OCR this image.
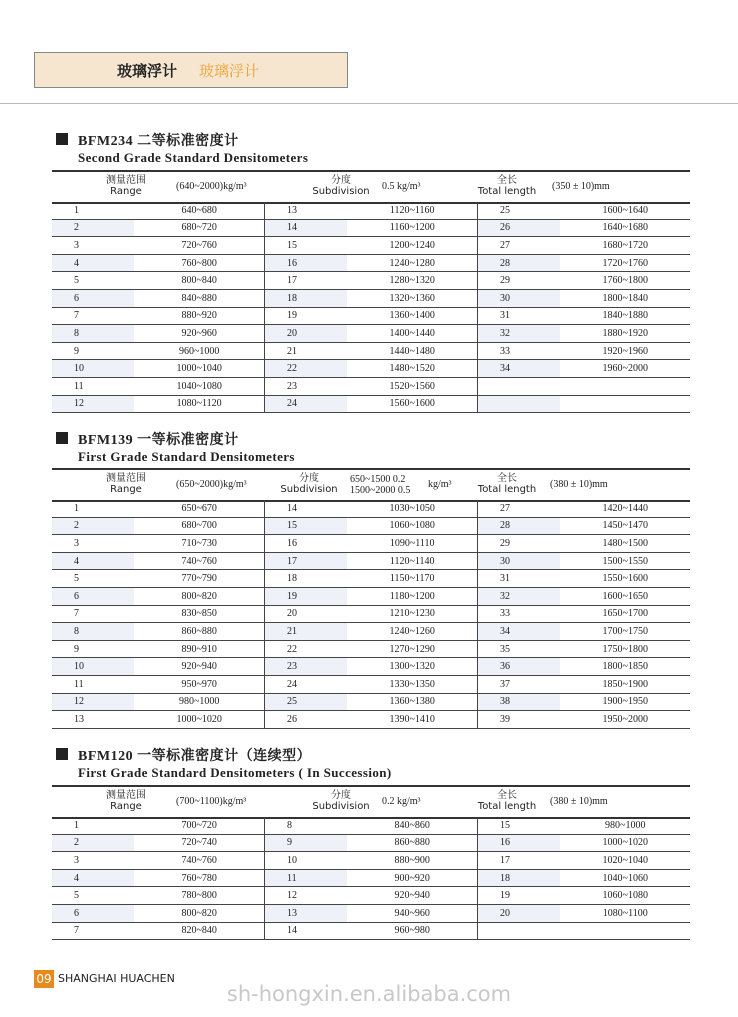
玻璃浮计 玻璃浮计
BFM234 二等标准密度计
Second Grade Standard Densitometers
测量范围
Range	(640~2000)kg/m³
分度
Subdivision	0.5 kg/m³
全长
Total length (350 ± 10)mm
1	640~680	13	1120~1160	25	1600~1640
2	680~720	14	1160~1200	26	1640~1680
3	720~760	15	1200~1240	27	1680~1720
4	760~800	16	1240~1280	28	1720~1760
5	800~840	17	1280~1320	29	1760~1800
6	840~880	18	1320~1360	30	1800~1840
7	880~920	19	1360~1400	31	1840~1880
8	920~960	20	1400~1440	32	1880~1920
9	960~1000	21	1440~1480	33	1920~1960
10	1000~1040	22	1480~1520	34	1960~2000
11	1040~1080	23	1520~1560		
12	1080~1120	24	1560~1600		
BFM139 一等标准密度计
First Grade Standard Densitometers
测量范围
Range	(650~2000)kg/m³
分度
Subdivision
650~1500 0.2
1500~2000 0.5
kg/m³
全长
Total length (380 ± 10)mm
1	650~670	14	1030~1050	27	1420~1440
2	680~700	15	1060~1080	28	1450~1470
3	710~730	16	1090~1110	29	1480~1500
4	740~760	17	1120~1140	30	1500~1550
5	770~790	18	1150~1170	31	1550~1600
6	800~820	19	1180~1200	32	1600~1650
7	830~850	20	1210~1230	33	1650~1700
8	860~880	21	1240~1260	34	1700~1750
9	890~910	22	1270~1290	35	1750~1800
10	920~940	23	1300~1320	36	1800~1850
11	950~970	24	1330~1350	37	1850~1900
12	980~1000	25	1360~1380	38	1900~1950
13	1000~1020	26	1390~1410	39	1950~2000
BFM120 一等标准密度计（连续型）
First Grade Standard Densitometers ( In Succession)
测量范围
Range	(700~1100)kg/m³
分度
Subdivision	0.2 kg/m³
全长
Total length (380 ± 10)mm
1	700~720	8	840~860	15	980~1000
2	720~740	9	860~880	16	1000~1020
3	740~760	10	880~900	17	1020~1040
4	760~780	11	900~920	18	1040~1060
5	780~800	12	920~940	19	1060~1080
6	800~820	13	940~960	20	1080~1100
7	820~840	14	960~980		
09 SHANGHAI HUACHEN
sh-hongxin.en.alibaba.com
